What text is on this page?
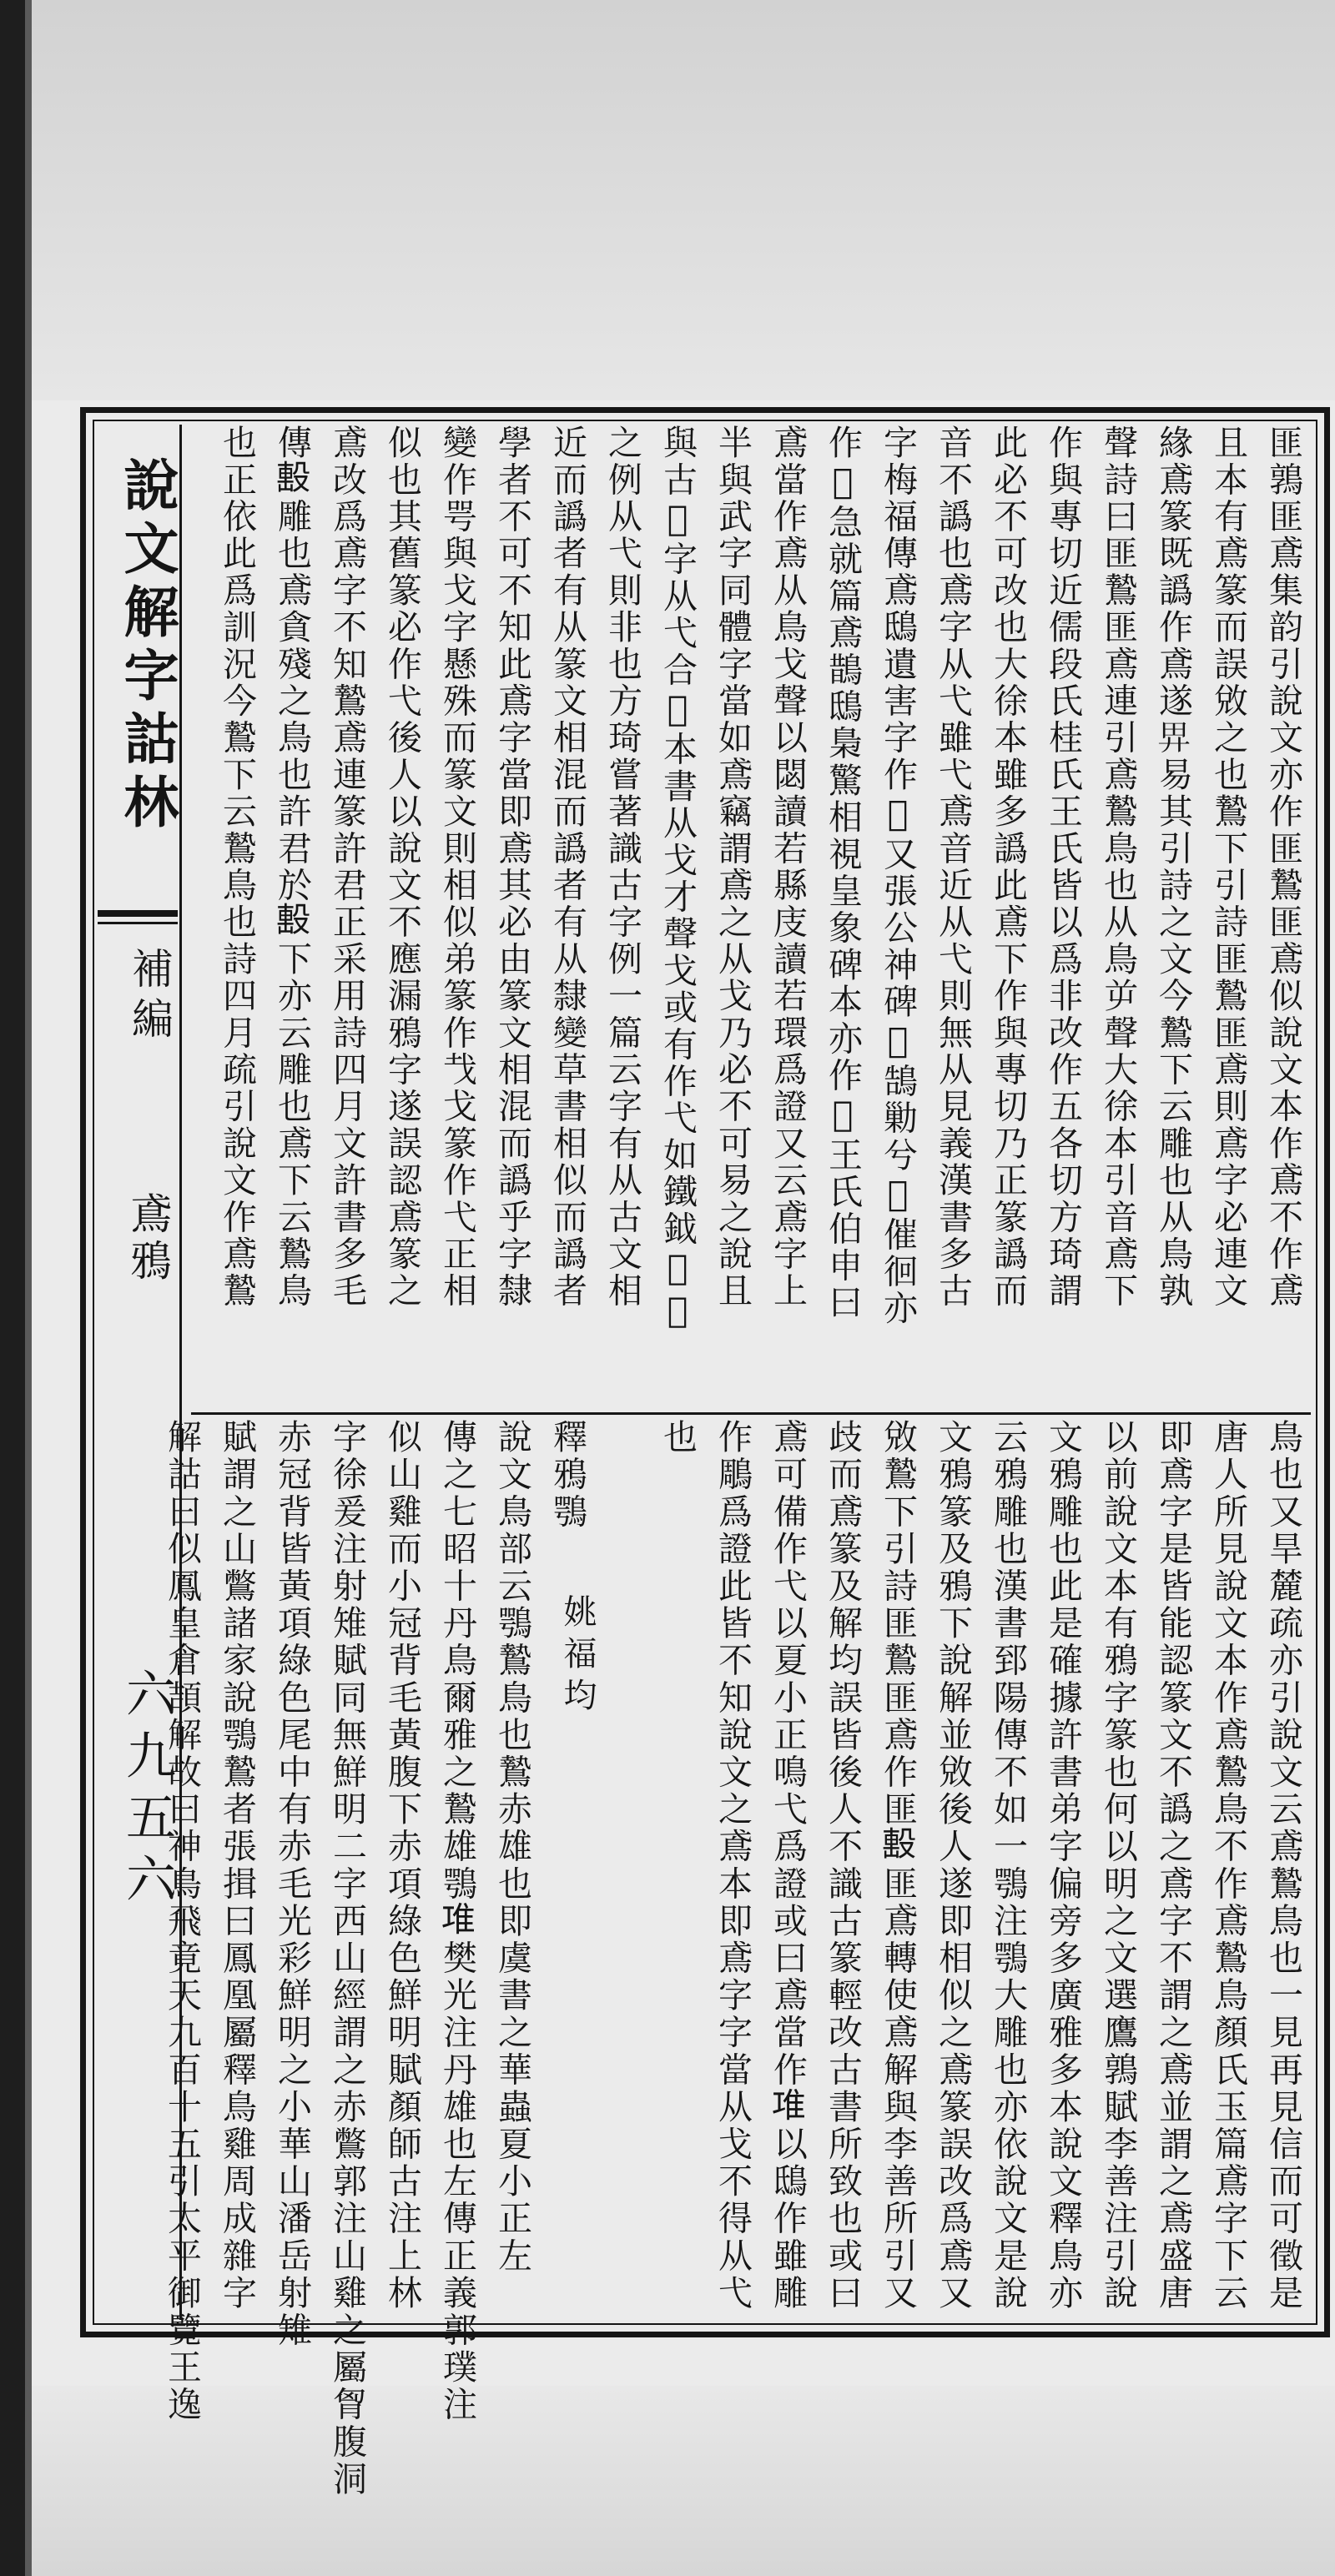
說文解字詁林
補編
鳶鴉
六九五六
匪鶉匪鳶集韵引說文亦作匪鷙匪鳶似說文本作鳶不作鳶
且本有鳶篆而誤敓之也鷙下引詩匪鷙匪鳶則鳶字必連文
緣鳶篆既譌作鳶遂𢌿易其引詩之文今鷙下云雕也从鳥孰
聲詩曰匪鷙匪鳶連引鳶鷙鳥也从鳥屰聲大徐本引音鳶下
作與專切近儒段氏桂氏王氏皆以爲非改作五各切方琦謂
此必不可改也大徐本雖多譌此鳶下作與專切乃正篆譌而
音不譌也鳶字从弋雖弋鳶音近从弋則無从見義漢書多古
字梅福傳鳶鴟遺害字作𢧐又張公神碑𢧐鵠勦兮𩕵催徊亦
作𢧐急就篇鳶鵲鴟梟驚相視皇象碑本亦作𢧐王氏伯申曰
鳶當作鳶从鳥戈聲以閟讀若縣庋讀若環爲證又云鳶字上
半與武字同體字當如鳶竊謂鳶之从戈乃必不可易之說且
與古𢧐字从弋合𢧐本書从戈才聲戈或有作弋如鐵鉞𢧐𢧐
之例从弋則非也方琦嘗著識古字例一篇云字有从古文相
近而譌者有从篆文相混而譌者有从隸變草書相似而譌者
學者不可不知此鳶字當即鳶其必由篆文相混而譌乎字隸
變作咢與戈字懸殊而篆文則相似弟篆作𢦏戈篆作弋正相
似也其舊篆必作弋後人以說文不應漏鴉字遂誤認鳶篆之
鳶改爲鳶字不知鷙鳶連篆許君正采用詩四月文許書多毛
傳𣪠雕也鳶貪殘之鳥也許君於𣪠下亦云雕也鳶下云鷙鳥
也正依此爲訓況今鷙下云鷙鳥也詩四月疏引說文作鳶鷙
鳥也又旱麓疏亦引說文云鳶鷙鳥也一見再見信而可徵是
唐人所見說文本作鳶鷙鳥不作鳶鷙鳥顏氏玉篇鳶字下云
即鳶字是皆能認篆文不譌之鳶字不謂之鳶並謂之鳶盛唐
以前說文本有鴉字篆也何以明之文選鷹鶉賦李善注引說
文鴉雕也此是確據許書弟字偏旁多廣雅多本說文釋鳥亦
云鴉雕也漢書郅陽傳不如一鶚注鶚大雕也亦依說文是說
文鴉篆及鴉下說解並敓後人遂即相似之鳶篆誤改爲鳶又
敓鷙下引詩匪鷙匪鳶作匪𣪠匪鳶轉使鳶解與李善所引又
歧而鳶篆及解均誤皆後人不識古篆輕改古書所致也或曰
鳶可備作弋以夏小正鳴弋爲證或曰鳶當作𨾊以鴟作雖雕
作鵰爲證此皆不知說文之鳶本即鳶字字當从戈不得从弋
也

釋鴉鶚
說文鳥部云鶚鷙鳥也鷙赤雄也即虞書之華蟲夏小正左
傳之七昭十丹鳥爾雅之鷙雄鶚𨾊樊光注丹雄也左傳正義郭璞注
似山雞而小冠背毛黃腹下赤項綠色鮮明賦顏師古注上林
字徐爰注射雉賦同無鮮明二字西山經謂之赤鷩郭注山雞之屬胷腹洞
赤冠背皆黃項綠色尾中有赤毛光彩鮮明之小華山潘岳射雉
賦謂之山鷩諸家說鶚鷙者張揖曰鳳凰屬釋鳥雞周成雜字
解詁曰似鳳皇倉頡解故曰神鳥飛竟天九百十五引太平御覽王逸	姚福均
